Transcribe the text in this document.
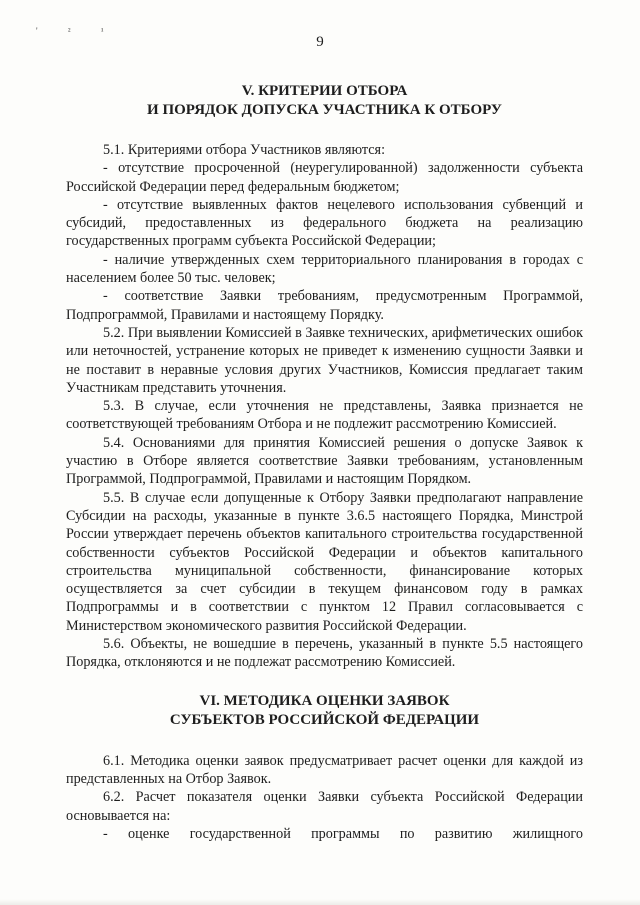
' ² ¹
9
V. КРИТЕРИИ ОТБОРА
И ПОРЯДОК ДОПУСКА УЧАСТНИКА К ОТБОРУ

5.1. Критериями отбора Участников являются:

- отсутствие просроченной (неурегулированной) задолженности субъекта Российской Федерации перед федеральным бюджетом;

- отсутствие выявленных фактов нецелевого использования субвенций и субсидий, предоставленных из федерального бюджета на реализацию государственных программ субъекта Российской Федерации;

- наличие утвержденных схем территориального планирования в городах с населением более 50 тыс. человек;

- соответствие Заявки требованиям, предусмотренным Программой, Подпрограммой, Правилами и настоящему Порядку.

5.2. При выявлении Комиссией в Заявке технических, арифметических ошибок или неточностей, устранение которых не приведет к изменению сущности Заявки и не поставит в неравные условия других Участников, Комиссия предлагает таким Участникам представить уточнения.

5.3. В случае, если уточнения не представлены, Заявка признается не соответствующей требованиям Отбора и не подлежит рассмотрению Комиссией.

5.4. Основаниями для принятия Комиссией решения о допуске Заявок к участию в Отборе является соответствие Заявки требованиям, установленным Программой, Подпрограммой, Правилами и настоящим Порядком.

5.5. В случае если допущенные к Отбору Заявки предполагают направление Субсидии на расходы, указанные в пункте 3.6.5 настоящего Порядка, Минстрой России утверждает перечень объектов капитального строительства государственной собственности субъектов Российской Федерации и объектов капитального строительства муниципальной собственности, финансирование которых осуществляется за счет субсидии в текущем финансовом году в рамках Подпрограммы и в соответствии с пунктом 12 Правил согласовывается с Министерством экономического развития Российской Федерации.

5.6. Объекты, не вошедшие в перечень, указанный в пункте 5.5 настоящего Порядка, отклоняются и не подлежат рассмотрению Комиссией.

VI. МЕТОДИКА ОЦЕНКИ ЗАЯВОК
СУБЪЕКТОВ РОССИЙСКОЙ ФЕДЕРАЦИИ

6.1. Методика оценки заявок предусматривает расчет оценки для каждой из представленных на Отбор Заявок.

6.2. Расчет показателя оценки Заявки субъекта Российской Федерации основывается на:

- оценке государственной программы по развитию жилищного
